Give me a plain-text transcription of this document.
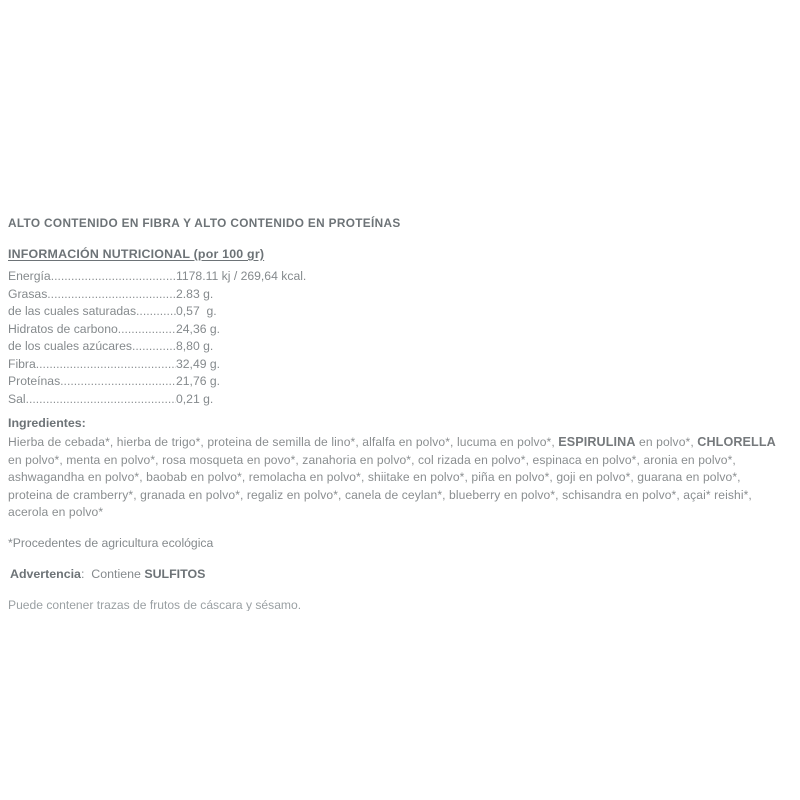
ALTO CONTENIDO EN FIBRA Y ALTO CONTENIDO EN PROTEÍNAS
INFORMACIÓN NUTRICIONAL (por 100 gr)
Energía .....	1178.11 kj / 269,64 kcal.
Grasas .....	2.83 g.
de las cuales saturadas .....	0,57  g.
Hidratos de carbono .....	24,36 g.
de los cuales azúcares .....	8,80 g.
Fibra .....	32,49 g.
Proteínas .....	21,76 g.
Sal .....	0,21 g.
Ingredientes:

Hierba de cebada*, hierba de trigo*, proteina de semilla de lino*, alfalfa en polvo*, lucuma en polvo*, ESPIRULINA en polvo*, CHLORELLA en polvo*, menta en polvo*, rosa mosqueta en povo*, zanahoria en polvo*, col rizada en polvo*, espinaca en polvo*, aronia en polvo*, ashwagandha en polvo*, baobab en polvo*, remolacha en polvo*, shiitake en polvo*, piña en polvo*, goji en polvo*, guarana en polvo*, proteina de cramberry*, granada en polvo*, regaliz en polvo*, canela de ceylan*, blueberry en polvo*, schisandra en polvo*, açai* reishi*, acerola en polvo*

*Procedentes de agricultura ecológica
Advertencia:  Contiene SULFITOS
Puede contener trazas de frutos de cáscara y sésamo.
